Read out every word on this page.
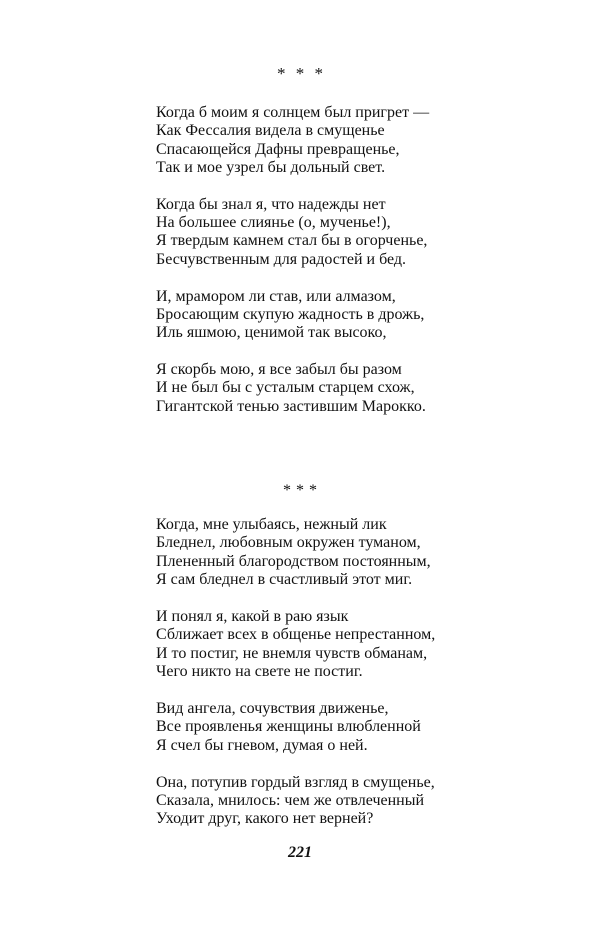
* * *
Когда б моим я солнцем был пригрет —
Как Фессалия видела в смущенье
Спасающейся Дафны превращенье,
Так и мое узрел бы дольный свет.
Когда бы знал я, что надежды нет
На большее слиянье (о, мученье!),
Я твердым камнем стал бы в огорченье,
Бесчувственным для радостей и бед.
И, мрамором ли став, или алмазом,
Бросающим скупую жадность в дрожь,
Иль яшмою, ценимой так высоко,
Я скорбь мою, я все забыл бы разом
И не был бы с усталым старцем схож,
Гигантской тенью застившим Марокко.
* * *
Когда, мне улыбаясь, нежный лик
Бледнел, любовным окружен туманом,
Плененный благородством постоянным,
Я сам бледнел в счастливый этот миг.
И понял я, какой в раю язык
Сближает всех в общенье непрестанном,
И то постиг, не внемля чувств обманам,
Чего никто на свете не постиг.
Вид ангела, сочувствия движенье,
Все проявленья женщины влюбленной
Я счел бы гневом, думая о ней.
Она, потупив гордый взгляд в смущенье,
Сказала, мнилось: чем же отвлеченный
Уходит друг, какого нет верней?
221
